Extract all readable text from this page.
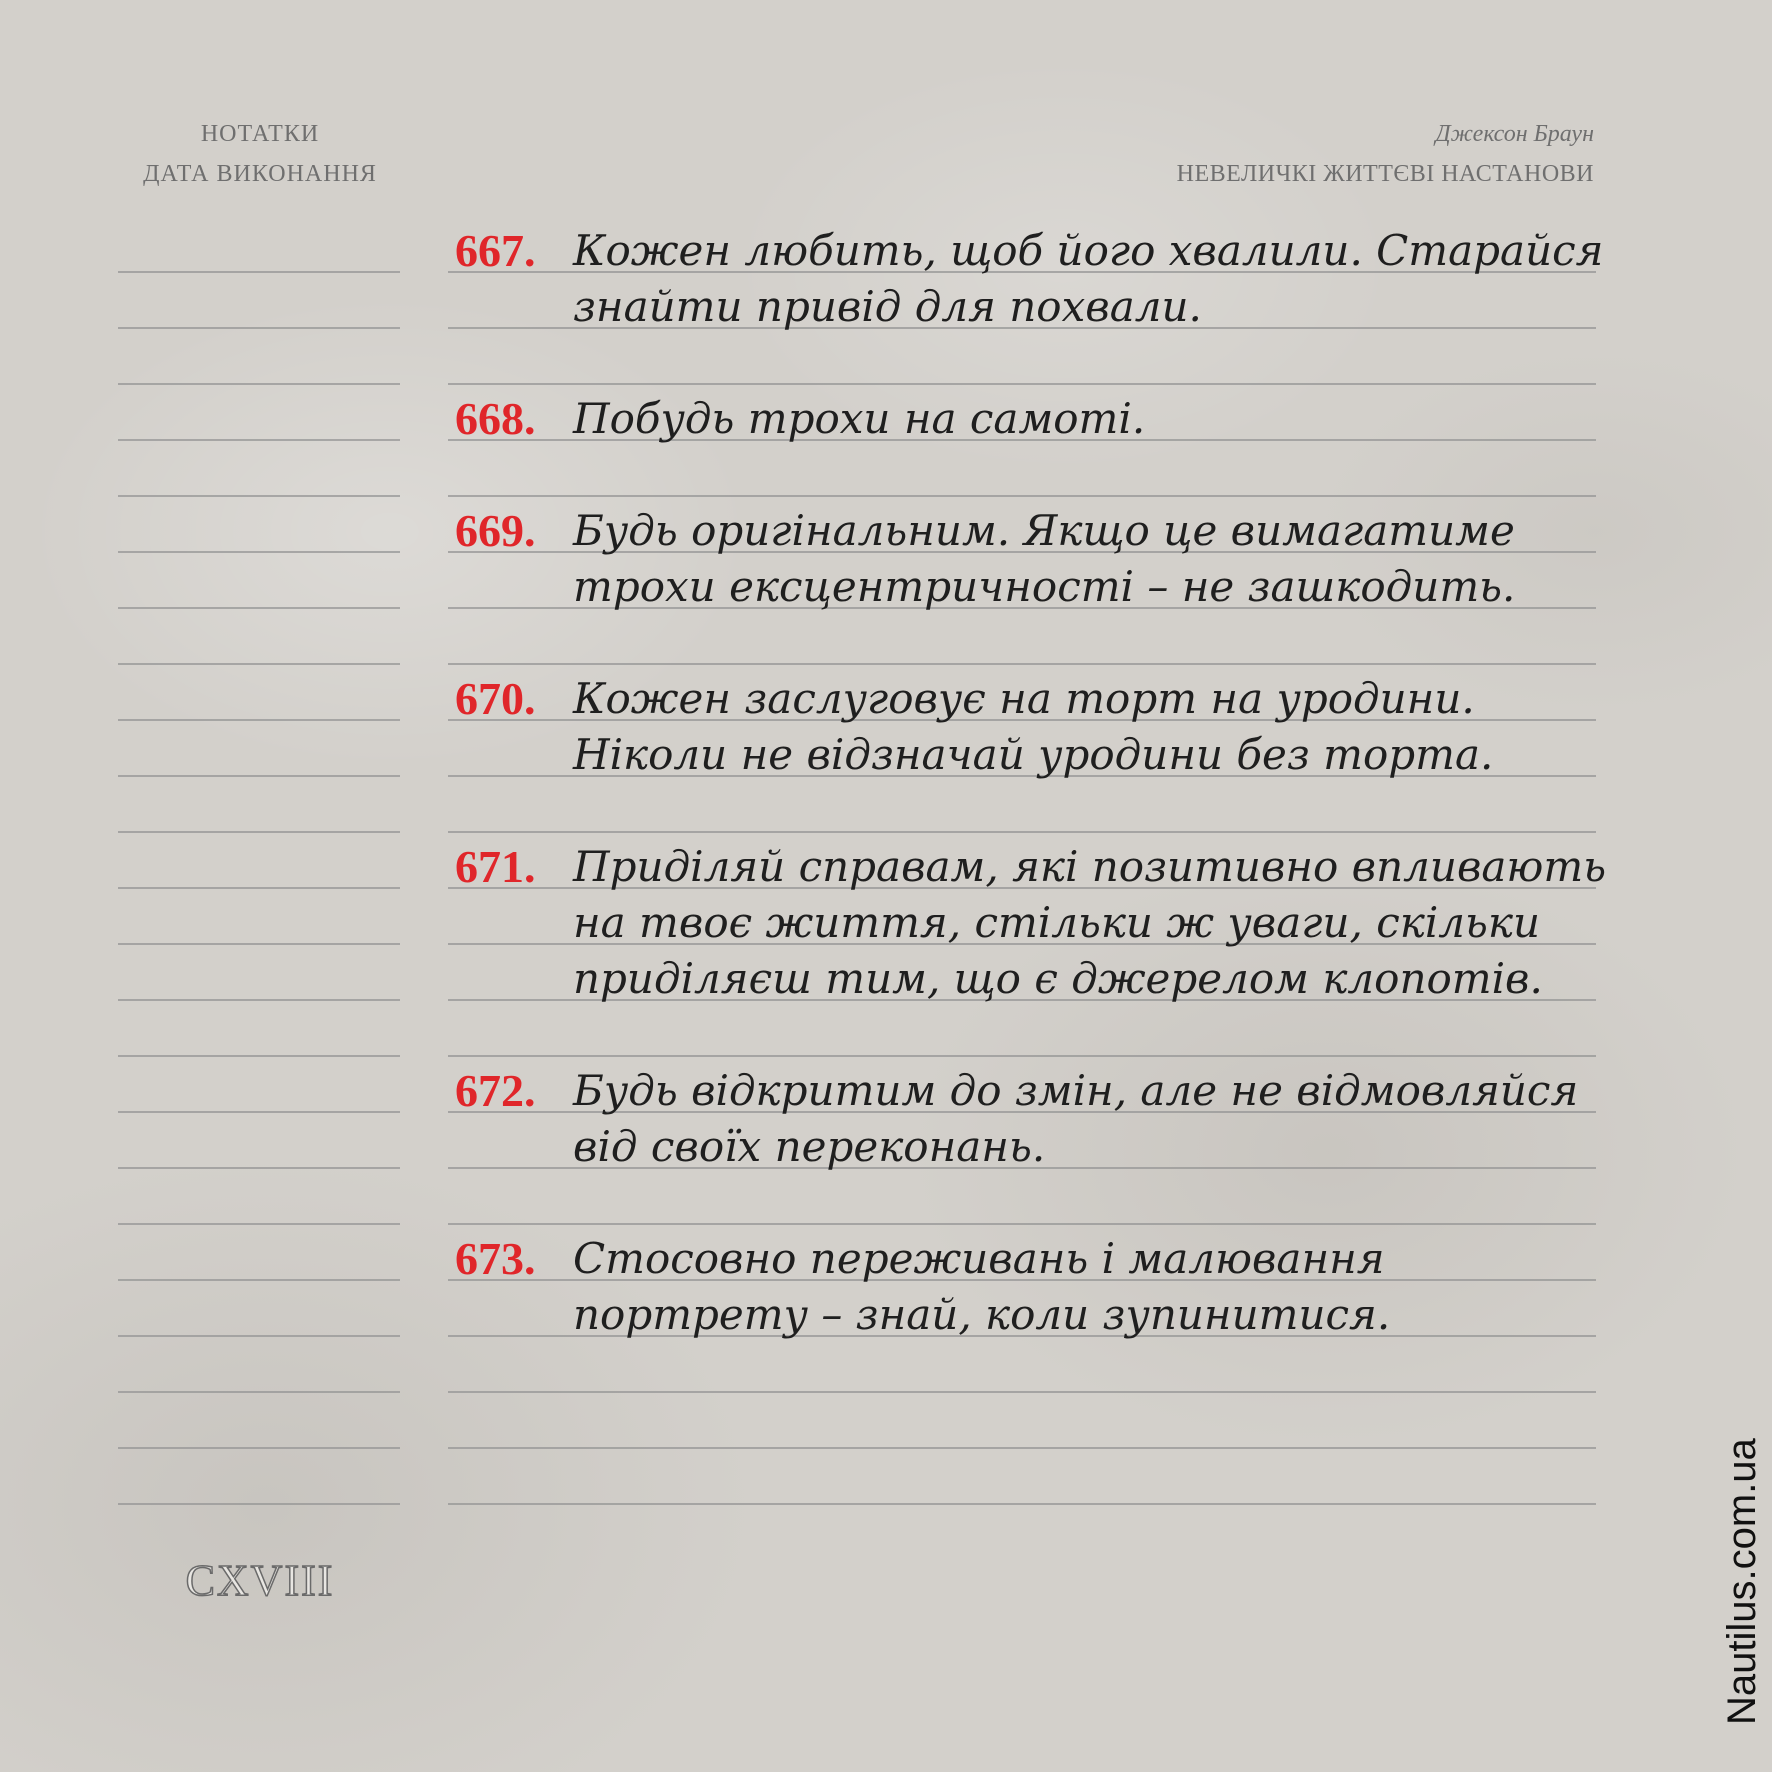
НОТАТКИ
ДАТА ВИКОНАННЯ
Джексон Браун
НЕВЕЛИЧКІ ЖИТТЄВІ НАСТАНОВИ
667. Кожен любить, щоб його хвалили. Старайся
знайти привід для похвали.
668. Побудь трохи на самоті.
669. Будь оригінальним. Якщо це вимагатиме
трохи ексцентричності – не зашкодить.
670. Кожен заслуговує на торт на уродини.
Ніколи не відзначай уродини без торта.
671. Приділяй справам, які позитивно впливають
на твоє життя, стільки ж уваги, скільки
приділяєш тим, що є джерелом клопотів.
672. Будь відкритим до змін, але не відмовляйся
від своїх переконань.
673. Стосовно переживань і малювання
портрету – знай, коли зупинитися.
CXVIII	Nautilus.com.ua
